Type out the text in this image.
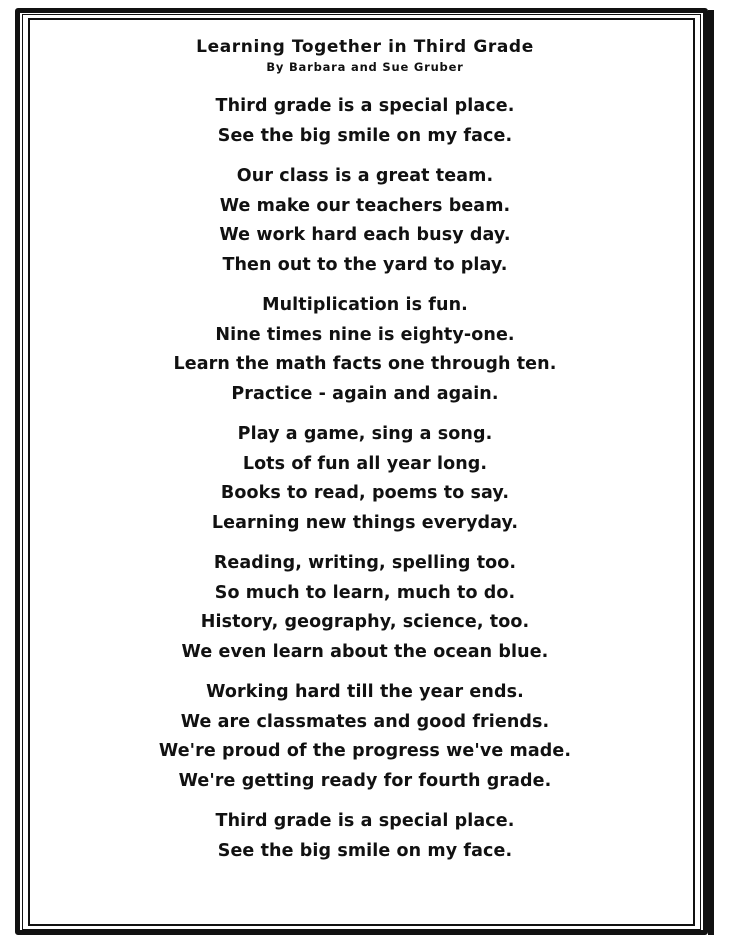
Learning Together in Third Grade

By Barbara and Sue Gruber

Third grade is a special place.
See the big smile on my face.
Our class is a great team.
We make our teachers beam.
We work hard each busy day.
Then out to the yard to play.
Multiplication is fun.
Nine times nine is eighty-one.
Learn the math facts one through ten.
Practice - again and again.
Play a game, sing a song.
Lots of fun all year long.
Books to read, poems to say.
Learning new things everyday.
Reading, writing, spelling too.
So much to learn, much to do.
History, geography, science, too.
We even learn about the ocean blue.
Working hard till the year ends.
We are classmates and good friends.
We're proud of the progress we've made.
We're getting ready for fourth grade.
Third grade is a special place.
See the big smile on my face.
